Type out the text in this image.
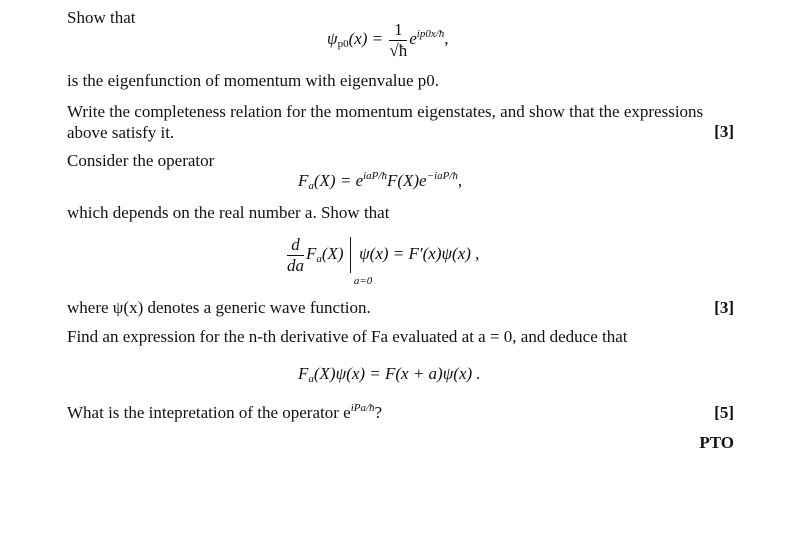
Show that
$\psi_{p0}(x) = \frac{1}{√ħ} e^{ip0x/ħ}$,
is the eigenfunction of momentum with eigenvalue p0.
Write the completeness relation for the momentum eigenstates, and show that the expressions above satisfy it.	[3]
Consider the operator
$F_a(X) = e^{iaP/ħ}F(X)e^{-iaP/ħ}$,
which depends on the real number a. Show that
$\frac{d}{da} F_a(X)$
a=0
ψ(x) = F′(x)ψ(x) ,
where ψ(x) denotes a generic wave function.	[3]
Find an expression for the n-th derivative of Fa evaluated at a = 0, and deduce that
$F_a(X)\psi(x) = F(x + a)\psi(x)$ .
What is the intepretation of the operator $e^{iPa/ħ}$?	[5]
PTO
